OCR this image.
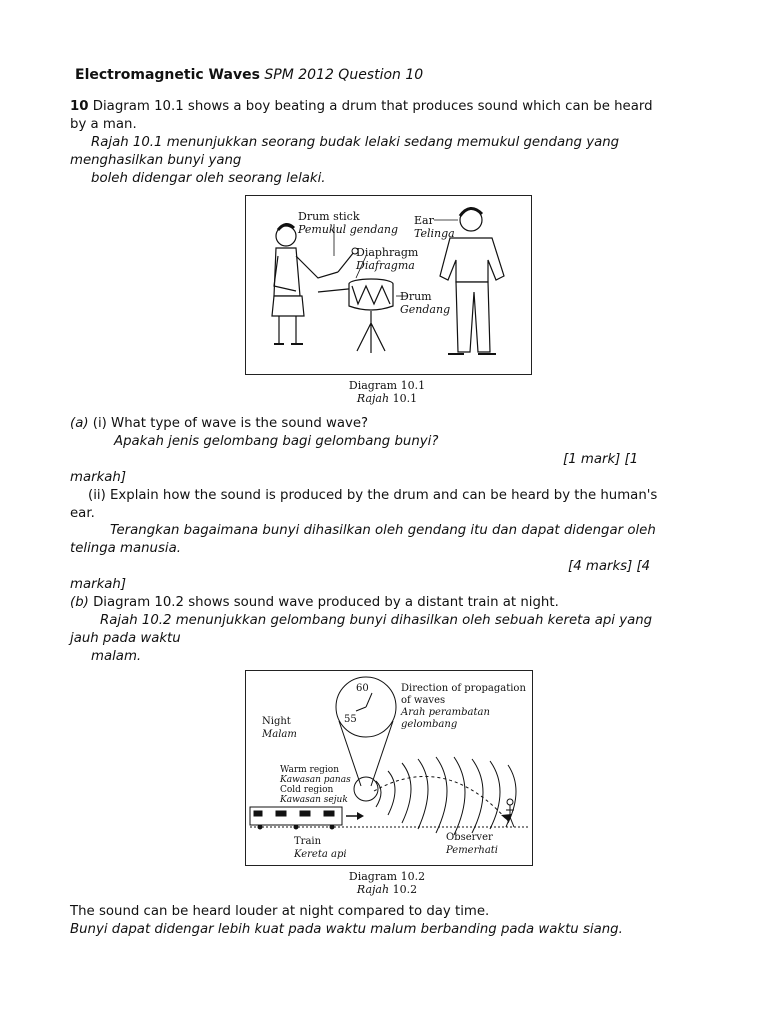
Electromagnetic Waves SPM 2012 Question 10
10 Diagram 10.1 shows a boy beating a drum that produces sound which can be heard
by a man.
Rajah 10.1 menunjukkan seorang budak lelaki sedang memukul gendang yang
menghasilkan bunyi yang
boleh didengar oleh seorang lelaki.
Drum stick
Pemukul gendang
Diaphragm
Diafragma
Ear
Telinga
Drum
Gendang
Diagram 10.1
Rajah 10.1
(a) (i) What type of wave is the sound wave?
Apakah jenis gelombang bagi gelombang bunyi?
[1 mark] [1
markah]
(ii) Explain how the sound is produced by the drum and can be heard by the human's
ear.
Terangkan bagaimana bunyi dihasilkan oleh gendang itu dan dapat didengar oleh
telinga manusia.
[4 marks] [4
markah]
(b) Diagram 10.2 shows sound wave produced by a distant train at night.
Rajah 10.2 menunjukkan gelombang bunyi dihasilkan oleh sebuah kereta api yang
jauh pada waktu
malam.
60
55
Direction of propagation
of waves
Arah perambatan
gelombang
Night
Malam
Warm region
Kawasan panas
Cold region
Kawasan sejuk
Train
Kereta api
Observer
Pemerhati
Diagram 10.2
Rajah 10.2
The sound can be heard louder at night compared to day time.
Bunyi dapat didengar lebih kuat pada waktu malum berbanding pada waktu siang.
